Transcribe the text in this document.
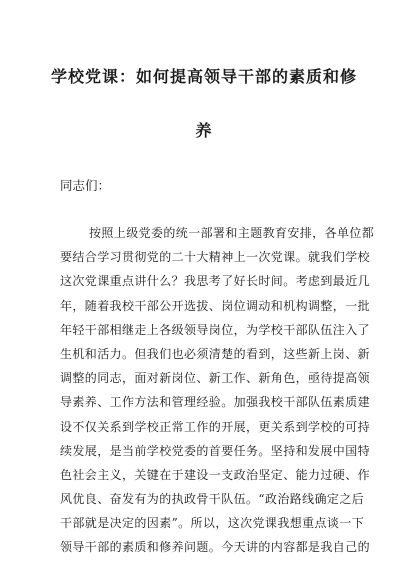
学校党课：如何提高领导干部的素质和修
养
同志们：
按照上级党委的统一部署和主题教育安排，各单位都
要结合学习贯彻党的二十大精神上一次党课。就我们学校
这次党课重点讲什么？我思考了好长时间。考虑到最近几
年，随着我校干部公开选拔、岗位调动和机构调整，一批
年轻干部相继走上各级领导岗位，为学校干部队伍注入了
生机和活力。但我们也必须清楚的看到，这些新上岗、新
调整的同志，面对新岗位、新工作、新角色，亟待提高领
导素养、工作方法和管理经验。加强我校干部队伍素质建
设不仅关系到学校正常工作的开展，更关系到学校的可持
续发展，是当前学校党委的首要任务。坚持和发展中国特
色社会主义，关键在于建设一支政治坚定、能力过硬、作
风优良、奋发有为的执政骨干队伍。“政治路线确定之后
干部就是决定的因素”。所以，这次党课我想重点谈一下
领导干部的素质和修养问题。今天讲的内容都是我自己的
